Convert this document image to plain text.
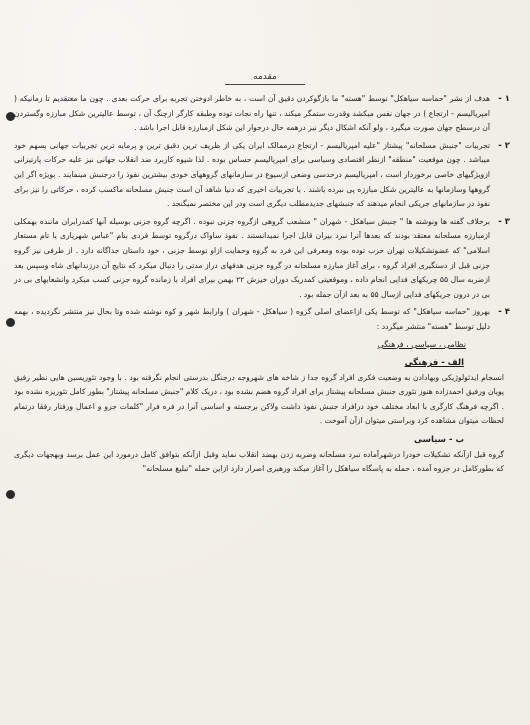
مقدمه
۱ -

هدف از نشر "حماسه سیاهکل" توسط "هسته" ما بازگوکردن دقیق آن است ، به خاطر ادوختن تجربه برای حرکت بعدی . چون ما معتقدیم تا زمانیکه ( امپریالیسم - ارتجاع ) در جهان نفس میکشد وقدرت ستمگر میکند ، تنها راه نجات توده وطبقه کارگر ازچنگ آن ، توسط عالیترین شکل مبارزه وگستردن آن درسطح جهان صورت میگیرد ، ولو آنکه اشکال دیگر نیز درهمه حال درجوار این شکل ازمبارزه قابل اجرا باشد .

۲ -

تجربیات "جنبش مسلحانه" پیشتاز "علیه امپریالیسم - ارتجاع درممالک ایران یکی از ظریف ترین دقیق ترین و پرمایه ترین تجربیات جهانی بسهم خود میباشد . چون موقعیت "منطقه" ازنظر اقتصادی وسیاسی برای امپریالیسم حساس بوده . لذا شیوه کاربرد ضد انقلاب جهانی نیز علیه حرکات پارتیزانی ازویژگیهای خاصی برخوردار است ، امپریالیسم درحدسی وضعی ازسیوع در سازمانهای گروههای خودی بیشترین نفوذ را درجنبش مینمایند . بویژه اگر این گروهها وسازمانها به عالیترین شکل مبارزه پی نبرده باشند . با تجربیات اخیری که دنیا شاهد آن است جنبش مسلحانه ماکسب کرده ، حرکاتی را نیز برای نفوذ در سازمانهای جریکی انجام میدهند که جنبشهای جدیدمطلب دیگری است ودر این مختصر نمیگنجد .

۳ -

برخلاف گفته ها ونوشته ها " جنبش سیاهکل - شهران " منشعب گروهی ازگروه جزنی نبوده . اگرچه گروه جزنی بوسیله آنها کمدرابران ماننده بهمکلی ازمبارزه مسلحانه معتقد بودند که بعدها آنرا نبرد بیران قابل اجرا نمیدانستند . نفوذ ساواک درگروه توسط فردی بنام "عباس شهریاری یا تام مستعار اسلامی" که عضوتشکیلات تهران حزب توده بوده ومعرفی این فرد به گروه وحمایت ازاو توسط جزنی ، خود داستان جداگانه دارد . از طرفی نیز گروه جزنی قبل از دستگیری افراد گروه ، برای آغاز مبارزه مسلحانه در گروه جزنی هدفهای دراز مدتی را دنبال میکرد که نتایج آن درزندانهای شاه وسپس بعد ازضربه سال ۵۵ چریکهای فدایی انجام داده ، وموقعیتی کمدریک دوران خیزش ۲۲ بهمن بیرای افراد با زمانده گروه جزنی کسب میکرد وانشعابهای بی در بی در درون جریکهای فدایی ازسال ۵۵ به بعد ازآن جمله بود .

۴ -

بهروز "حماسه سیاهکل" که توسط یکی ازاعضای اصلی گروه ( سیاهکل - شهران ) وارابط شهر و کوه نوشته شده وتا بحال نیز منتشر نگردیده ، بهمه دلیل توسط "هسته" منتشر میگردد :

نظامی ، سیاسی ، فرهنگی
الف - فرهنگی

انسجام ایدئولوژیکی وبهادادن به وضعیت فکری افراد گروه جدا ز شاخه های شهروجه درجنگل بدرستی انجام نگرفته بود . با وجود تئوریسین هایی نظیر رفیق پویان ورفیق احمدزاده هنوز تئوری جنبش مسلحانه پیشتاز برای افراد گروه هضم نشده بود ، دریک کلام "جنبش مسلحانه پیشتاز" بطور کامل تئوریزه نشده بود . اگرچه فرهنگ کارگری با ابعاد مختلف خود درافراد جنبش نفوذ داشت ولاکن برجسته و اساسی آنرا در فره فرار "کلمات جزو و اعمال ورفتار رفقا درتمام لحظات میتوان مشاهده کرد وبراستی میتوان ازآن آموخت .

ب - سیاسی

گروه قبل ازآنکه تشکیلات خودرا درشهرآماده نبرد مسلحانه وضربه زدن بهضد انقلاب نماید وقبل ازآنکه بتوافق کامل درمورد این عمل برسد وبهجهات دیگری که بطورکامل در جزوه آمده ، حمله به پاسگاه سیاهکل را آغاز میکند ورهبری اصرار دارد ازاین حمله "تبلیغ مسلحانه"
